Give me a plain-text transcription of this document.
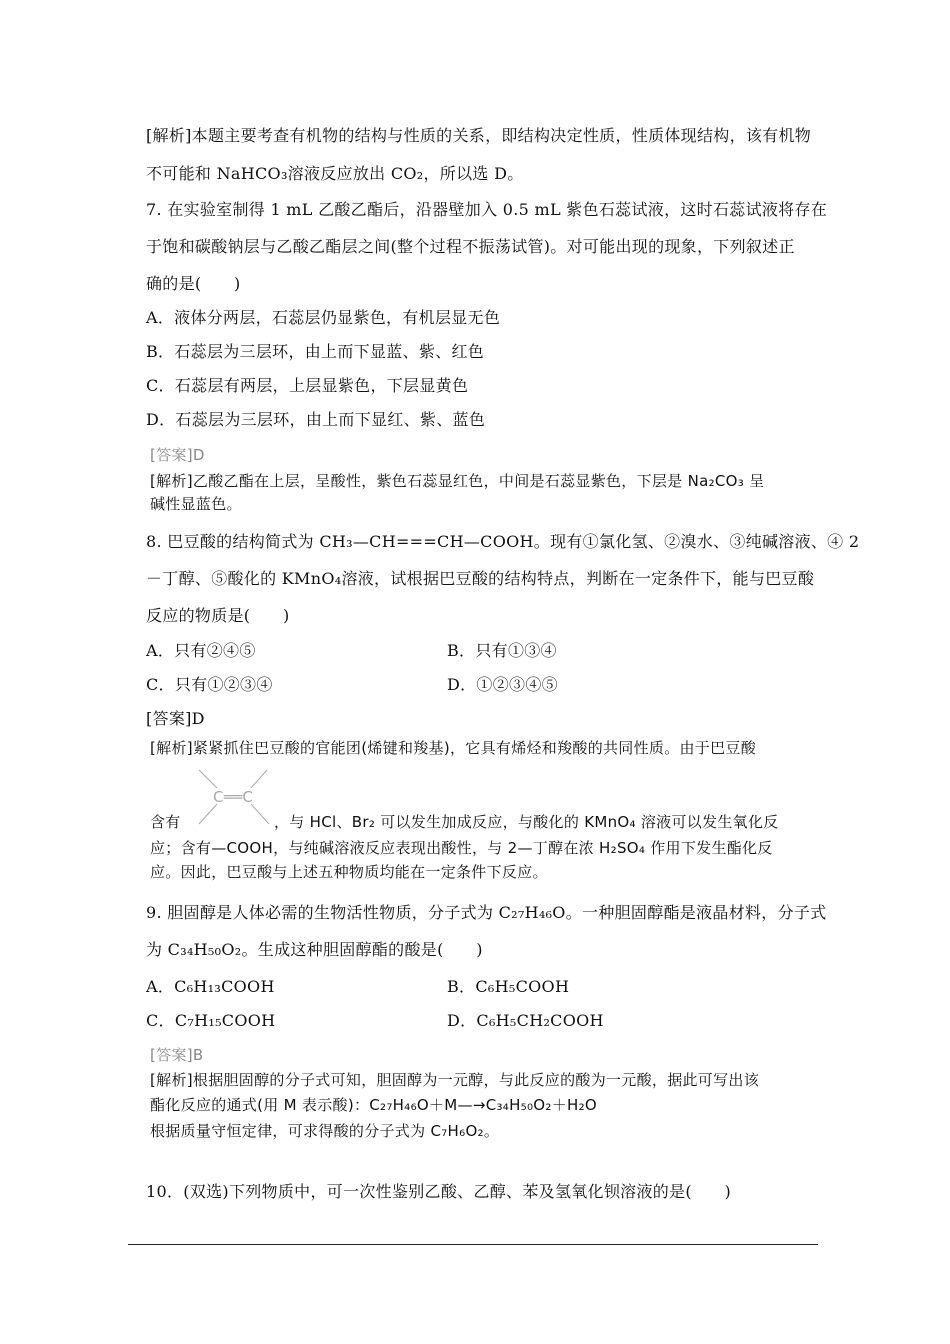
[解析]本题主要考查有机物的结构与性质的关系，即结构决定性质，性质体现结构，该有机物
不可能和 NaHCO₃溶液反应放出 CO₂，所以选 D。
7. 在实验室制得 1 mL 乙酸乙酯后，沿器壁加入 0.5 mL 紫色石蕊试液，这时石蕊试液将存在
于饱和碳酸钠层与乙酸乙酯层之间(整个过程不振荡试管)。对可能出现的现象，下列叙述正
确的是(　　)
A．液体分两层，石蕊层仍显紫色，有机层显无色
B．石蕊层为三层环，由上而下显蓝、紫、红色
C．石蕊层有两层，上层显紫色，下层显黄色
D．石蕊层为三层环，由上而下显红、紫、蓝色
[答案]D
[解析]乙酸乙酯在上层，呈酸性，紫色石蕊显红色，中间是石蕊显紫色，下层是 Na₂CO₃ 呈
碱性显蓝色。
8. 巴豆酸的结构简式为 CH₃—CH===CH—COOH。现有①氯化氢、②溴水、③纯碱溶液、④ 2
－丁醇、⑤酸化的 KMnO₄溶液，试根据巴豆酸的结构特点，判断在一定条件下，能与巴豆酸
反应的物质是(　　)
A．只有②④⑤	B．只有①③④
C．只有①②③④	D．①②③④⑤
[答案]D
[解析]紧紧抓住巴豆酸的官能团(烯键和羧基)，它具有烯烃和羧酸的共同性质。由于巴豆酸
C══C
含有	，与 HCl、Br₂ 可以发生加成反应，与酸化的 KMnO₄ 溶液可以发生氧化反
应；含有—COOH，与纯碱溶液反应表现出酸性，与 2—丁醇在浓 H₂SO₄ 作用下发生酯化反
应。因此，巴豆酸与上述五种物质均能在一定条件下反应。
9. 胆固醇是人体必需的生物活性物质，分子式为 C₂₇H₄₆O。一种胆固醇酯是液晶材料，分子式
为 C₃₄H₅₀O₂。生成这种胆固醇酯的酸是(　　)
A．C₆H₁₃COOH	B．C₆H₅COOH
C．C₇H₁₅COOH	D．C₆H₅CH₂COOH
[答案]B
[解析]根据胆固醇的分子式可知，胆固醇为一元醇，与此反应的酸为一元酸，据此可写出该
酯化反应的通式(用 M 表示酸)：C₂₇H₄₆O＋M—→C₃₄H₅₀O₂＋H₂O
根据质量守恒定律，可求得酸的分子式为 C₇H₆O₂。
10．(双选)下列物质中，可一次性鉴别乙酸、乙醇、苯及氢氧化钡溶液的是(　　)
